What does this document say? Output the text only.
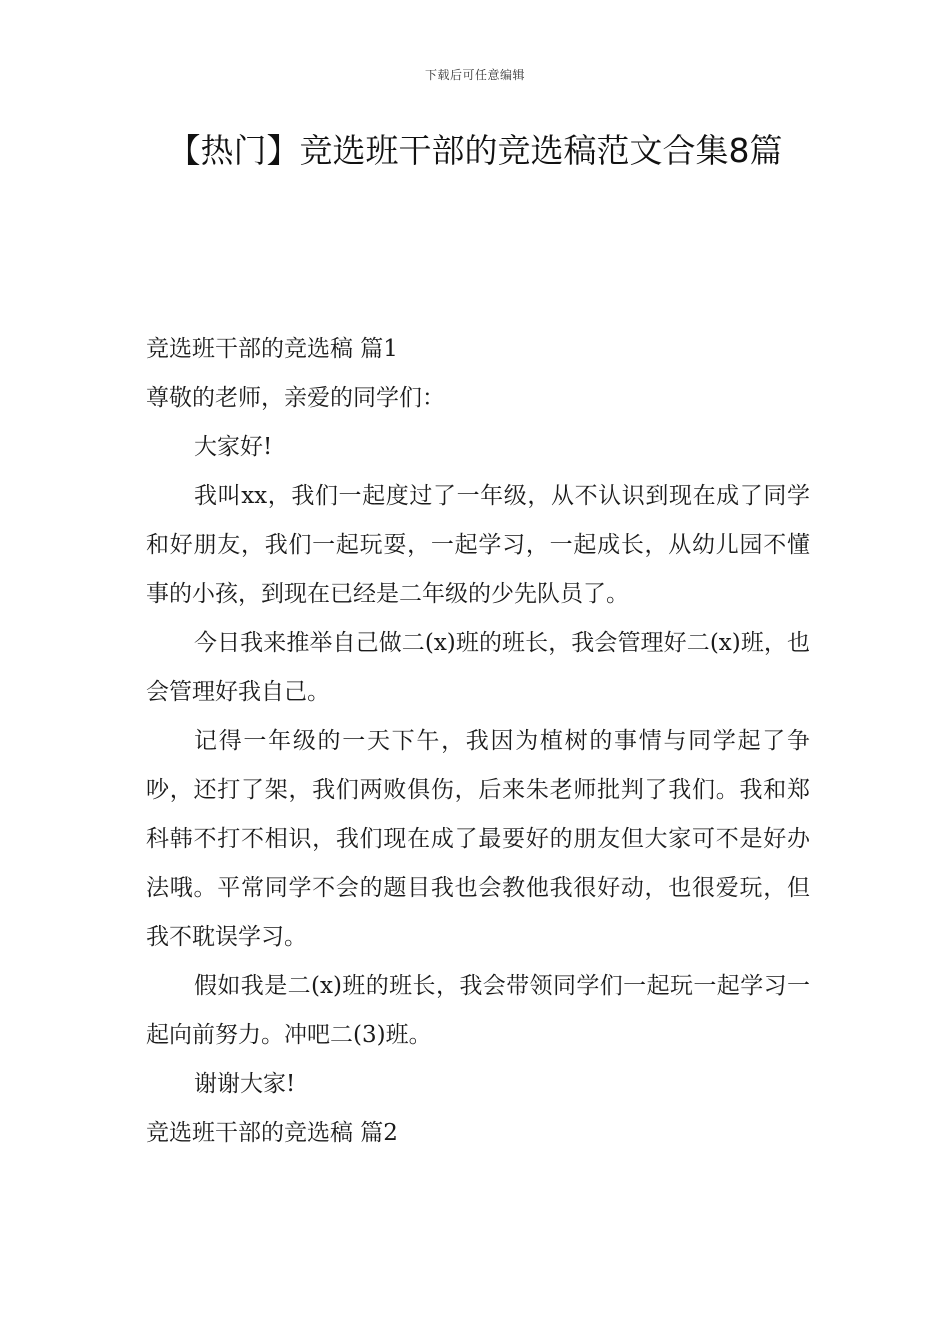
下载后可任意编辑
【热门】竞选班干部的竞选稿范文合集8篇

竞选班干部的竞选稿 篇1

尊敬的老师，亲爱的同学们：

大家好!

我叫xx，我们一起度过了一年级，从不认识到现在成了同学和好朋友，我们一起玩耍，一起学习，一起成长，从幼儿园不懂事的小孩，到现在已经是二年级的少先队员了。

今日我来推举自己做二(x)班的班长，我会管理好二(x)班，也会管理好我自己。

记得一年级的一天下午，我因为植树的事情与同学起了争吵，还打了架，我们两败俱伤，后来朱老师批判了我们。我和郑科韩不打不相识，我们现在成了最要好的朋友但大家可不是好办法哦。平常同学不会的题目我也会教他我很好动，也很爱玩，但我不耽误学习。

假如我是二(x)班的班长，我会带领同学们一起玩一起学习一起向前努力。冲吧二(3)班。

谢谢大家!

竞选班干部的竞选稿 篇2
